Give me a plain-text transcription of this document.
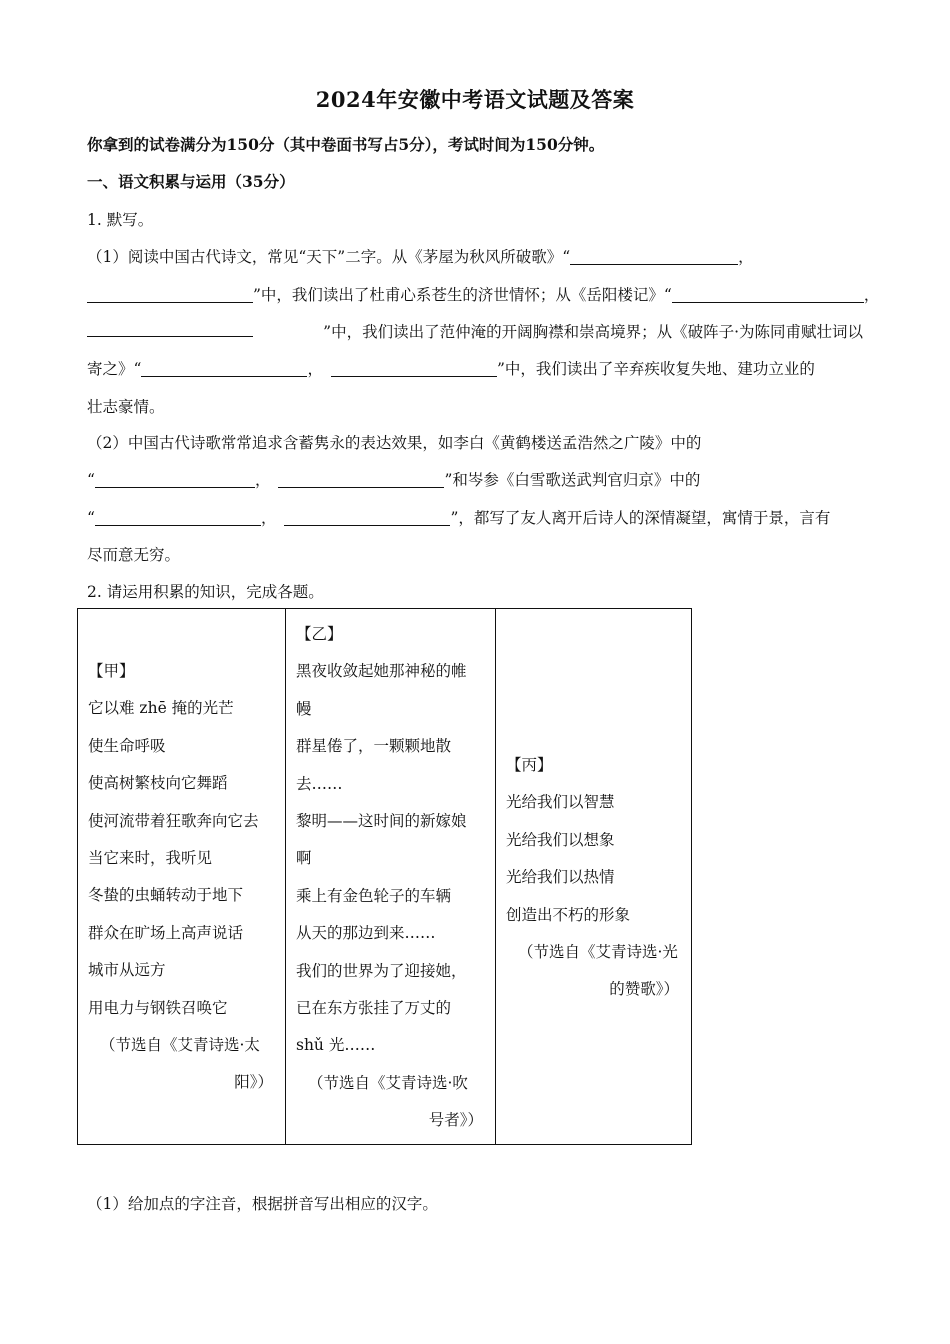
2024年安徽中考语文试题及答案
你拿到的试卷满分为150分（其中卷面书写占5分），考试时间为150分钟。
一、语文积累与运用（35分）
1. 默写。
（1）阅读中国古代诗文，常见“天下”二字。从《茅屋为秋风所破歌》“	，
”中，我们读出了杜甫心系苍生的济世情怀；从《岳阳楼记》“	，
”中，我们读出了范仲淹的开阔胸襟和崇高境界；从《破阵子·为陈同甫赋壮词以
寄之》“	，	”中，我们读出了辛弃疾收复失地、建功立业的
壮志豪情。
（2）中国古代诗歌常常追求含蓄隽永的表达效果，如李白《黄鹤楼送孟浩然之广陵》中的
“	，	”和岑参《白雪歌送武判官归京》中的
“	，	”，都写了友人离开后诗人的深情凝望，寓情于景，言有
尽而意无穷。
2. 请运用积累的知识，完成各题。
【甲】
它以难 zhē 掩的光芒
使生命呼吸
使高树繁枝向它舞蹈
使河流带着狂歌奔向它去
当它来时，我听见
冬蛰的虫蛹转动于地下
群众在旷场上高声说话
城市从远方
用电力与钢铁召唤它
（节选自《艾青诗选·太
阳》）

【乙】
黑夜收敛起她那神秘的帷
幔
群星倦了，一颗颗地散
去……
黎明——这时间的新嫁娘
啊
乘上有金色轮子的车辆
从天的那边到来……
我们的世界为了迎接她，
已在东方张挂了万丈的
shǔ 光……
（节选自《艾青诗选·吹
号者》）

【丙】
光给我们以智慧
光给我们以想象
光给我们以热情
创造出不朽的形象
（节选自《艾青诗选·光
的赞歌》）
（1）给加点的字注音，根据拼音写出相应的汉字。
